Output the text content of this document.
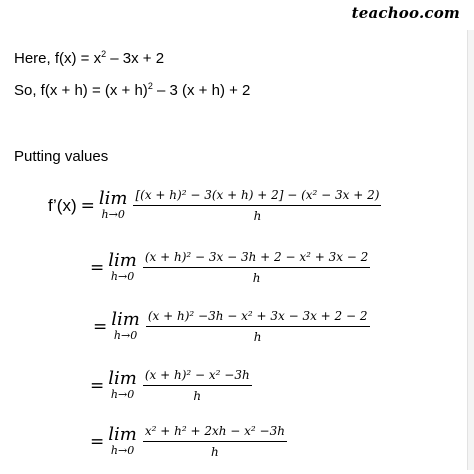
teachoo.com
Here, $f(x) = x^2 - 3x + 2$
So, $f(x + h) = (x + h)^2 - 3$ (x + h) + 2
Putting values
f’(x) = lim
$h\to 0 \frac{\text{[(x + h)² − 3(x + h) + 2] − (x² − 3x + 2)}}{h}$
= lim
$h\to 0 \frac{\text{(x + h)² − 3x − 3h + 2 − x² + 3x − 2}}{h}$
= lim
$h\to 0 \frac{\text{(x + h)² −3h − x² + 3x − 3x + 2 − 2}}{h}$
= lim
$h\to 0 \frac{\text{(x + h)² − x² −3h}}{h}$
= lim
$h\to 0 \frac{\text{x² + h² + 2xh − x² −3h}}{h}$
